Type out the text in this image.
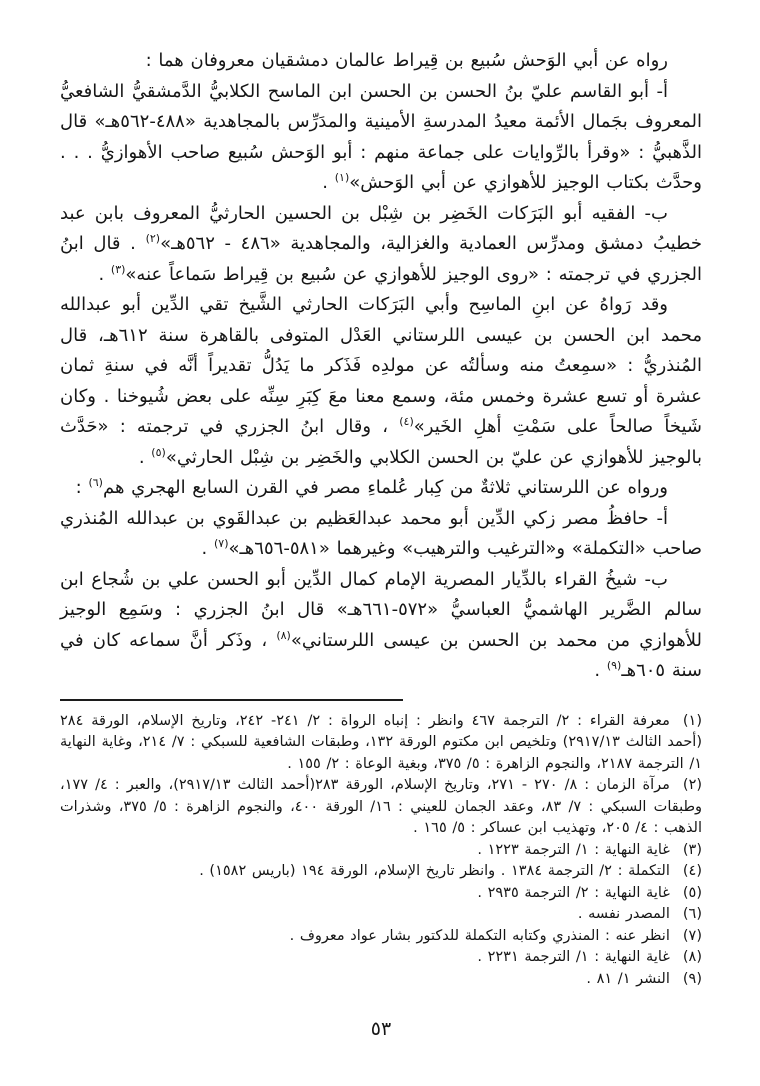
رواه عن أبي الوَحش سُبيع بن قِيراط عالمان دمشقيان معروفان هما :

أ- أبو القاسم عليّ بنُ الحسن بن الحسن ابن الماسح الكلابيُّ الدَّمشقيُّ الشافعيُّ المعروف بجَمال الأئمة معيدُ المدرسةِ الأمينية والمدَرِّس بالمجاهدية «٤٨٨-٥٦٢هـ» قال الذَّهبيُّ : «وقرأ بالرِّوايات على جماعة منهم : أبو الوَحش سُبيع صاحب الأهوازيُّ . . . وحدَّث بكتاب الوجيز للأهوازي عن أبي الوَحش»$^{(١)}$ .

ب- الفقيه أبو البَرَكات الخَضِر بن شِبْل بن الحسين الحارثيُّ المعروف بابن عبد خطيبُ دمشق ومدرِّس العمادية والغزالية، والمجاهدية «٤٨٦ - ٥٦٢هـ»$^{(٢)}$ . قال ابنُ الجزري في ترجمته : «روى الوجيز للأهوازي عن سُبيع بن قِيراط سَماعاً عنه»$^{(٣)}$ .

وقد رَواهُ عن ابنِ الماسِح وأبي البَرَكات الحارثي الشَّيخ تقي الدِّين أبو عبدالله محمد ابن الحسن بن عيسى اللرستاني العَدْل المتوفى بالقاهرة سنة ٦١٢هـ، قال المُنذريُّ : «سمِعتُ منه وسألتُه عن مولدِه فَذَكر ما يَدُلُّ تقديراً أنَّه في سنةِ ثمان عشرة أو تسع عشرة وخمس مئة، وسمع معنا معَ كِبَرِ سِنِّه على بعض شُيوخنا . وكان شَيخاً صالحاً على سَمْتِ أهلِ الخَير»$^{(٤)}$ ، وقال ابنُ الجزري في ترجمته : «حَدَّث بالوجيز للأهوازي عن عليّ بن الحسن الكلابي والخَضِر بن شِبْل الحارثي»$^{(٥)}$ .

ورواه عن اللرستاني ثلاثةٌ من كِبار عُلماءِ مصر في القرن السابع الهجري هم$^{(٦)}$ :

أ- حافظُ مصر زكي الدِّين أبو محمد عبدالعَظيم بن عبدالقَوي بن عبدالله المُنذري صاحب «التكملة» و«الترغيب والترهيب» وغيرهما «٥٨١-٦٥٦هـ»$^{(٧)}$ .

ب- شيخُ القراء بالدِّيار المصرية الإمام كمال الدِّين أبو الحسن علي بن شُجاع ابن سالم الضَّرير الهاشميُّ العباسيُّ «٥٧٢-٦٦١هـ» قال ابنُ الجزري : وسَمِع الوجيز للأهوازي من محمد بن الحسن بن عيسى اللرستاني»$^{(٨)}$ ، وذَكر أنَّ سماعه كان في سنة ٦٠٥هـ$^{(٩)}$ .

(١)معرفة القراء : ٢/ الترجمة ٤٦٧ وانظر : إنباه الرواة : ٢/ ٢٤١- ٢٤٢، وتاريخ الإسلام، الورقة ٢٨٤ (أحمد الثالث ٢٩١٧/١٣) وتلخيص ابن مكتوم الورقة ١٣٢، وطبقات الشافعية للسبكي : ٧/ ٢١٤، وغاية النهاية ١/ الترجمة ٢١٨٧، والنجوم الزاهرة : ٥/ ٣٧٥، وبغية الوعاة : ٢/ ١٥٥ .

(٢)مرآة الزمان : ٨/ ٢٧٠ - ٢٧١، وتاريخ الإسلام، الورقة ٢٨٣(أحمد الثالث ٢٩١٧/١٣)، والعبر : ٤/ ١٧٧، وطبقات السبكي : ٧/ ٨٣، وعقد الجمان للعيني : ١٦/ الورقة ٤٠٠، والنجوم الزاهرة : ٥/ ٣٧٥، وشذرات الذهب : ٤/ ٢٠٥، وتهذيب ابن عساكر : ٥/ ١٦٥ .

(٣)غاية النهاية : ١/ الترجمة ١٢٢٣ .

(٤)التكملة : ٢/ الترجمة ١٣٨٤ . وانظر تاريخ الإسلام، الورقة ١٩٤ (باريس ١٥٨٢) .

(٥)غاية النهاية : ٢/ الترجمة ٢٩٣٥ .

(٦)المصدر نفسه .

(٧)انظر عنه : المنذري وكتابه التكملة للدكتور بشار عواد معروف .

(٨)غاية النهاية : ١/ الترجمة ٢٢٣١ .

(٩)النشر ١/ ٨١ .

٥٣
